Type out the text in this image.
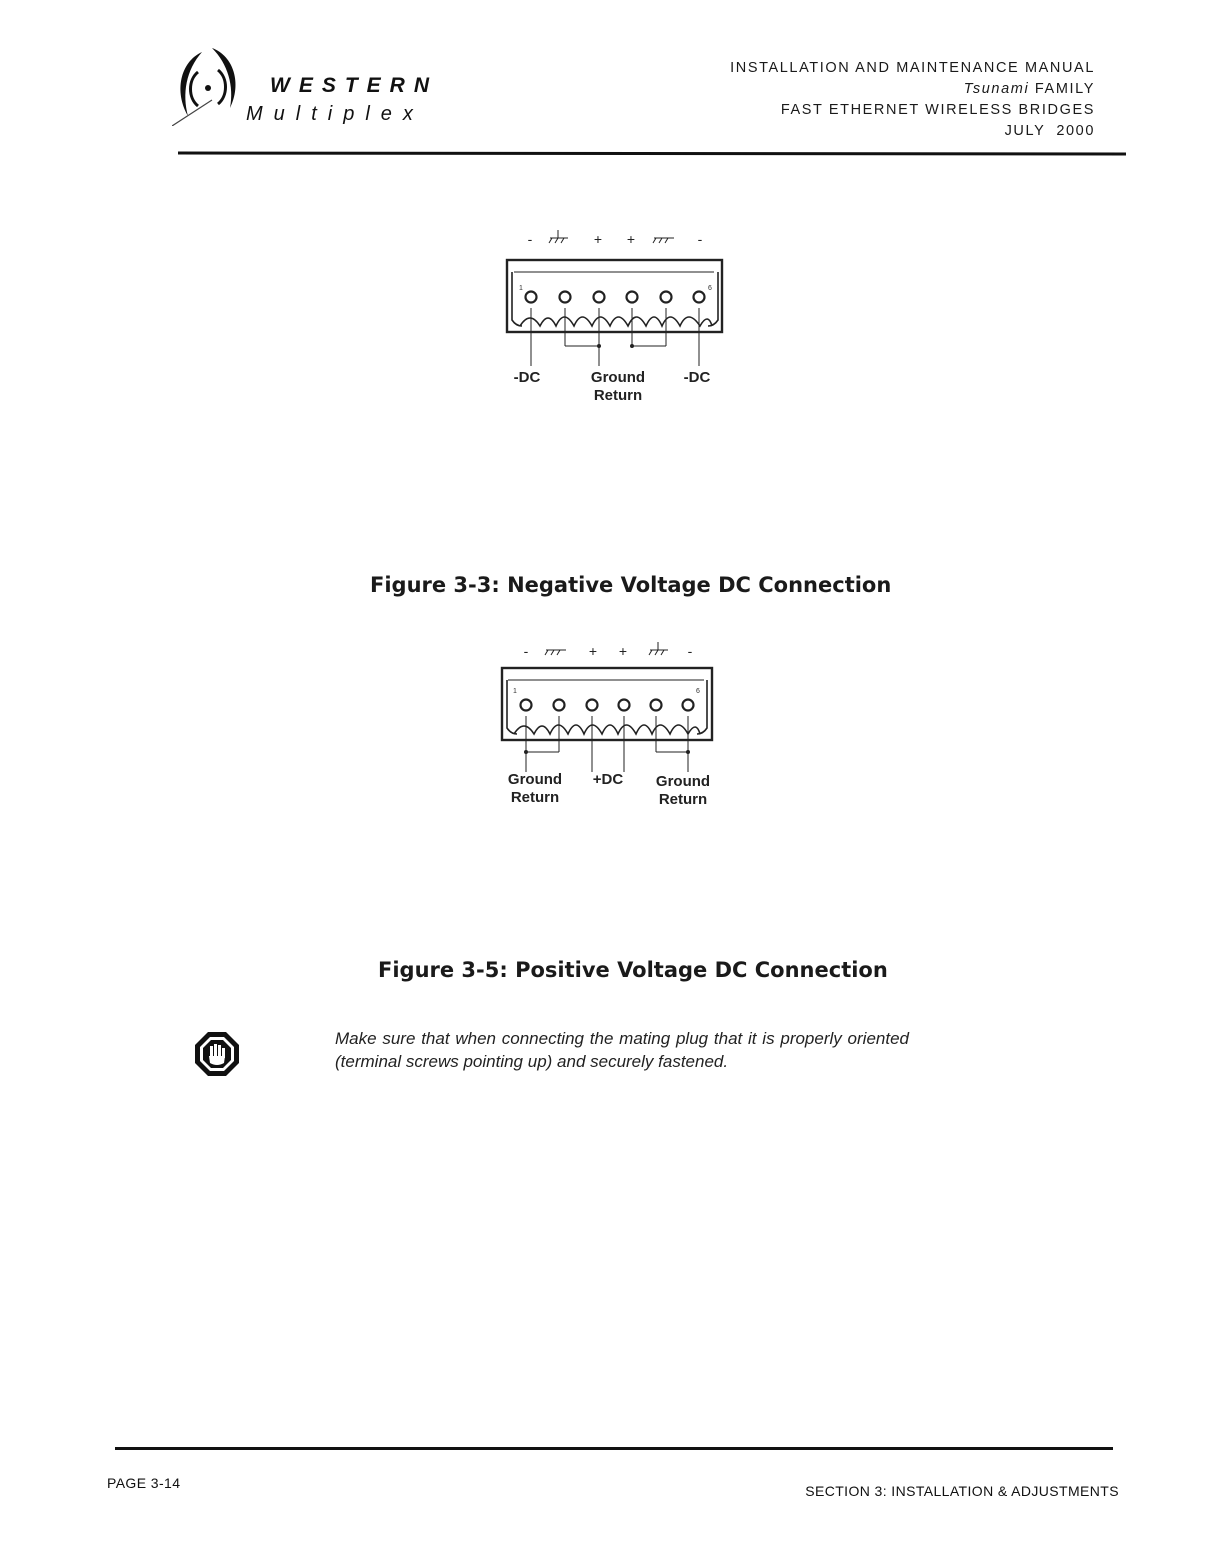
WESTERN
Multiplex
INSTALLATION AND MAINTENANCE MANUAL
Tsunami FAMILY
FAST ETHERNET WIRELESS BRIDGES
JULY  2000
-	+ +	-
1	6
-DC	Ground
Return
-DC
Figure 3-3: Negative Voltage DC Connection
-	+ +	-
1	6
Ground
Return
+DC Ground
Return
Figure 3-5: Positive Voltage DC Connection
Make sure that when connecting the mating plug that it is properly oriented (terminal screws pointing up) and securely fastened.
PAGE 3-14	SECTION 3: INSTALLATION & ADJUSTMENTS
